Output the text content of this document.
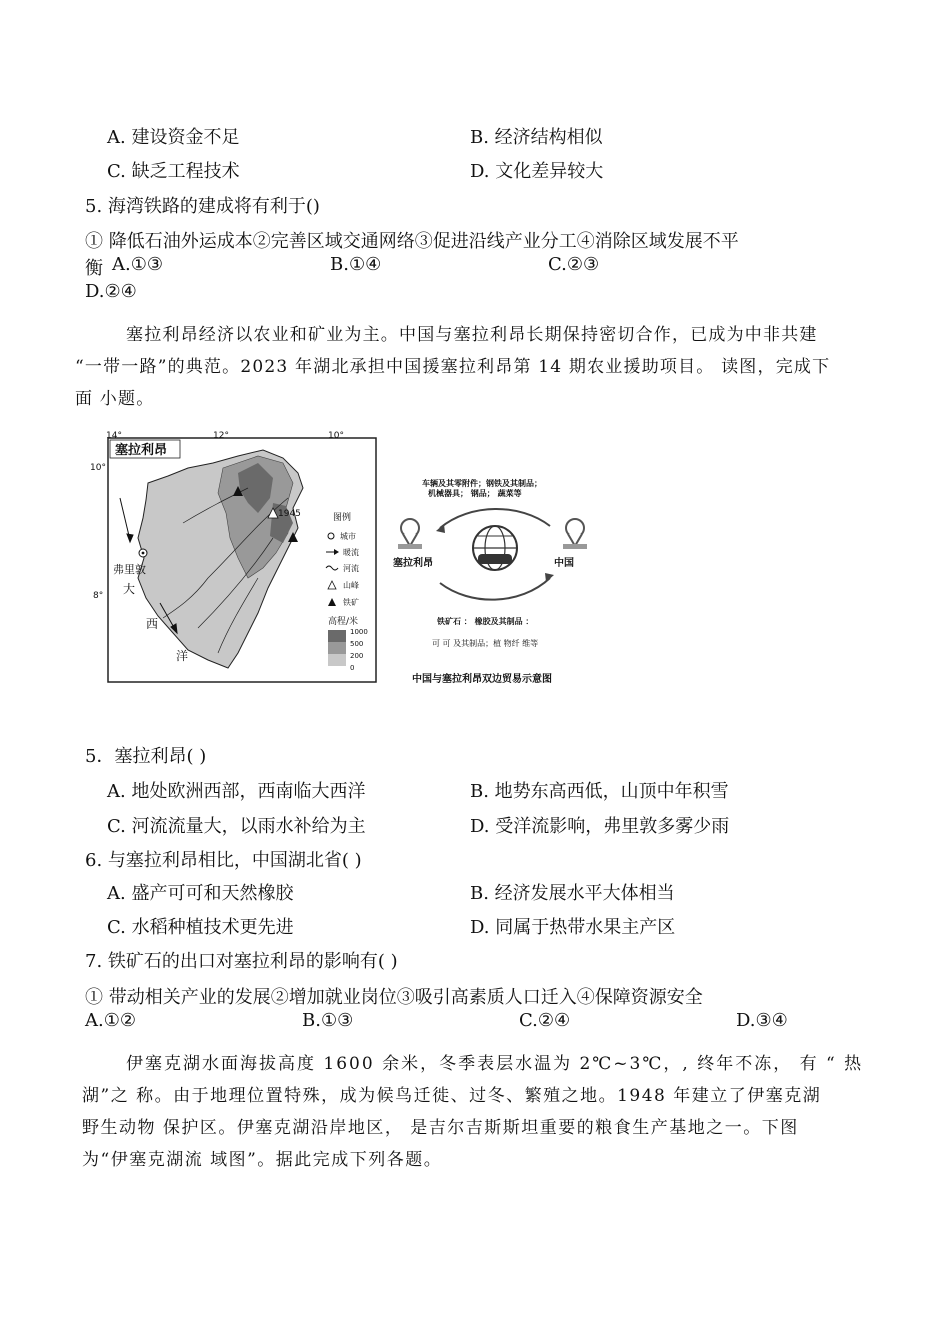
A. 建设资金不足	B. 经济结构相似
C. 缺乏工程技术	D. 文化差异较大
5. 海湾铁路的建成将有利于()
① 降低石油外运成本②完善区域交通网络③促进沿线产业分工④消除区域发展不平
衡 A.①③	B.①④	C.②③
D.②④
塞拉利昂经济以农业和矿业为主。中国与塞拉利昂长期保持密切合作，已成为中非共建
“一带一路”的典范。2023 年湖北承担中国援塞拉利昂第 14 期农业援助项目。 读图，完成下
面 小题。
1945
弗里敦
大
西
洋
塞拉利昂
14°	12°	10°
10°
8°
图例
城市
暖流
河流
山峰
铁矿
高程/米
1000
500
200
0
车辆及其零附件；钢铁及其制品；
机械器具； 钢品； 蔬菜等
塞拉利昂	中国
铁矿石 ： 橡胶及其制品 ：
可 可 及其制品；植 物纤 维等
中国与塞拉利昂双边贸易示意图
5．塞拉利昂( )
A. 地处欧洲西部，西南临大西洋	B. 地势东高西低，山顶中年积雪
C. 河流流量大，以雨水补给为主	D. 受洋流影响，弗里敦多雾少雨
6. 与塞拉利昂相比，中国湖北省( )
A. 盛产可可和天然橡胶	B. 经济发展水平大体相当
C. 水稻种植技术更先进	D. 同属于热带水果主产区
7. 铁矿石的出口对塞拉利昂的影响有( )
① 带动相关产业的发展②增加就业岗位③吸引高素质人口迁入④保障资源安全
A.①②	B.①③	C.②④	D.③④
伊塞克湖水面海拔高度 1600 余米，冬季表层水温为 2℃~3℃，, 终年不冻， 有 “ 热
湖”之 称。由于地理位置特殊，成为候鸟迁徙、过冬、繁殖之地。1948 年建立了伊塞克湖
野生动物 保护区。伊塞克湖沿岸地区， 是吉尔吉斯斯坦重要的粮食生产基地之一。下图
为“伊塞克湖流 域图”。据此完成下列各题。
